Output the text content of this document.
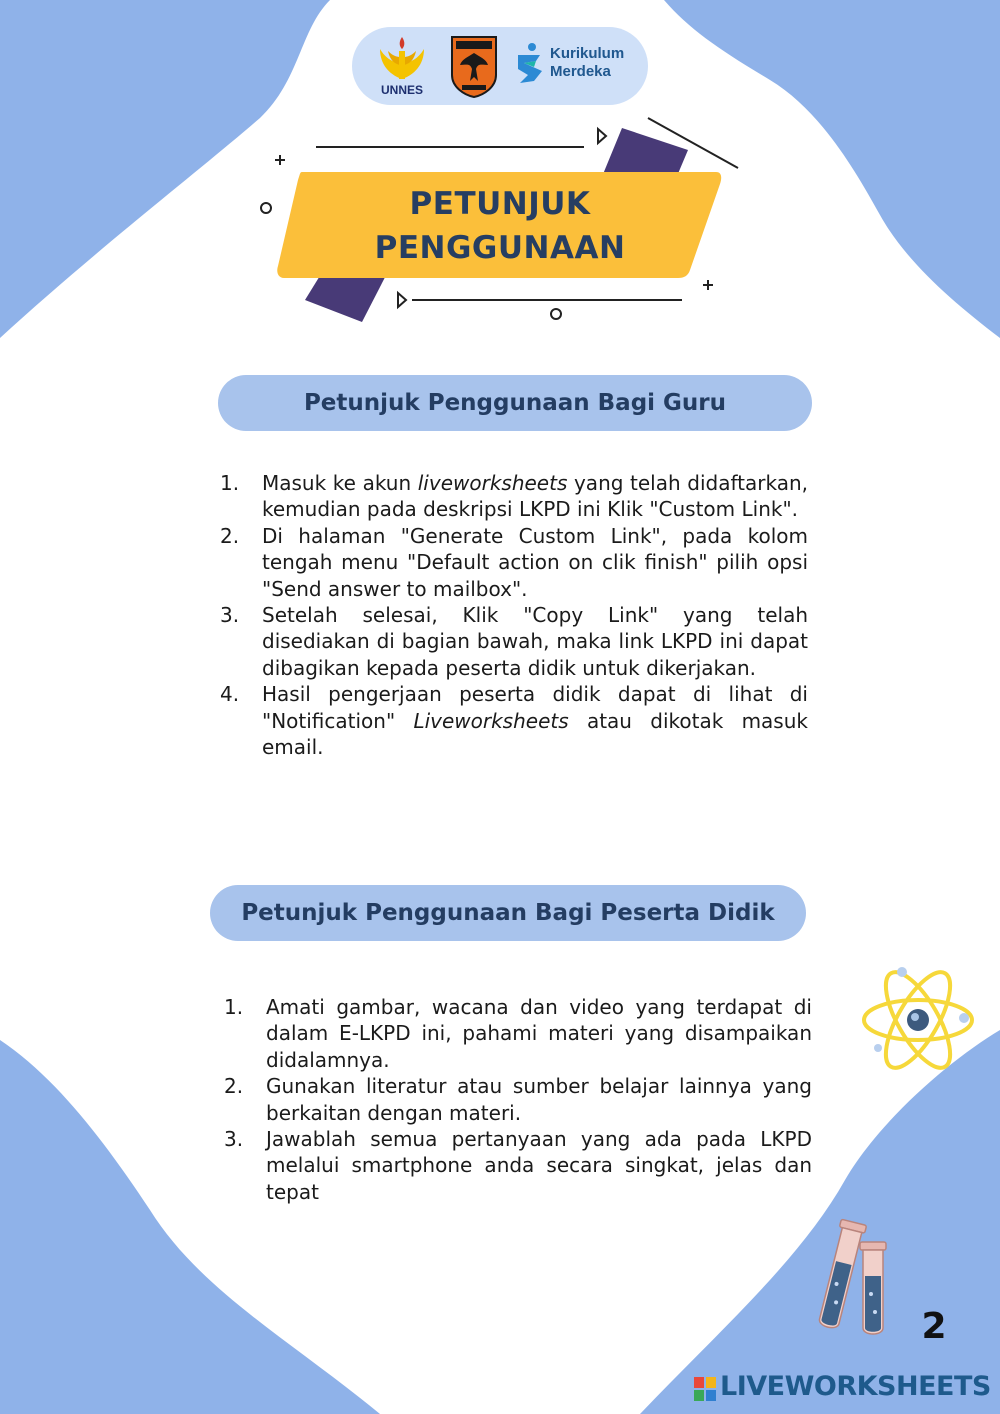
UNNES
Kurikulum
Merdeka
PETUNJUK
PENGGUNAAN
Petunjuk Penggunaan Bagi Guru
1. Masuk ke akun liveworksheets yang telah didaftarkan, kemudian pada deskripsi LKPD ini Klik "Custom Link".
2. Di halaman "Generate Custom Link", pada kolom tengah menu "Default action on clik finish" pilih opsi "Send answer to mailbox".
3. Setelah selesai, Klik "Copy Link" yang telah disediakan di bagian bawah, maka link LKPD ini dapat dibagikan kepada peserta didik untuk dikerjakan.
4. Hasil pengerjaan peserta didik dapat di lihat di "Notification" Liveworksheets atau dikotak masuk email.
Petunjuk Penggunaan Bagi Peserta Didik
1. Amati gambar, wacana dan video yang terdapat di dalam E-LKPD ini, pahami materi yang disampaikan didalamnya.
2. Gunakan literatur atau sumber belajar lainnya yang berkaitan dengan materi.
3. Jawablah semua pertanyaan yang ada pada LKPD melalui smartphone anda secara singkat, jelas dan tepat
2
LIVEWORKSHEETS
